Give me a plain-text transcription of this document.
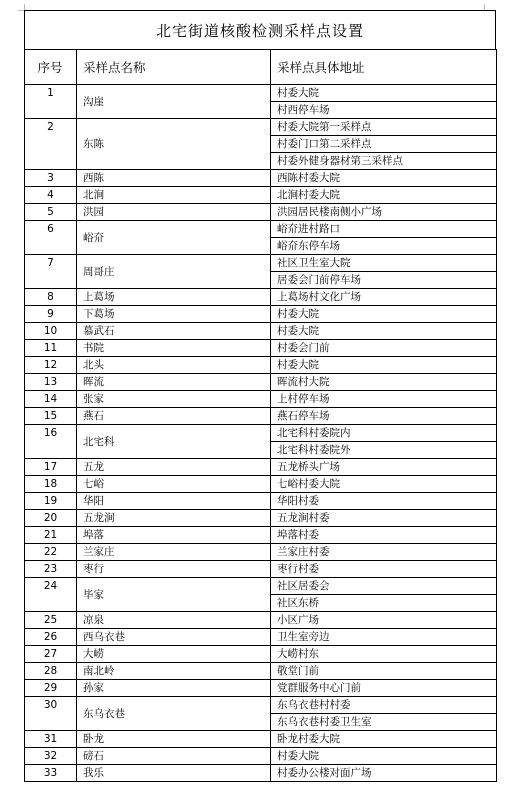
北宅街道核酸检测采样点设置
序号	采样点名称	采样点具体地址
1	沟崖	村委大院
		村西停车场
2	东陈	村委大院第一采样点
		村委门口第二采样点
		村委外健身器材第三采样点
3	西陈	西陈村委大院
4	北涧	北涧村委大院
5	洪园	洪园居民楼南侧小广场
6	峪夼	峪夼进村路口
		峪夼东停车场
7	周哥庄	社区卫生室大院
		居委会门前停车场
8	上葛场	上葛场村文化广场
9	下葛场	村委大院
10	慕武石	村委大院
11	书院	村委会门前
12	北头	村委大院
13	晖流	晖流村大院
14	张家	上村停车场
15	燕石	燕石停车场
16	北宅科	北宅科村委院内
		北宅科村委院外
17	五龙	五龙桥头广场
18	七峪	七峪村委大院
19	华阳	华阳村委
20	五龙涧	五龙涧村委
21	埠落	埠落村委
22	兰家庄	兰家庄村委
23	枣行	枣行村委
24	毕家	社区居委会
		社区东桥
25	凉泉	小区广场
26	西乌衣巷	卫生室旁边
27	大崂	大崂村东
28	南北岭	敬堂门前
29	孙家	党群服务中心门前
30	东乌衣巷	东乌衣巷村村委
		东乌衣巷村委卫生室
31	卧龙	卧龙村委大院
32	磅石	村委大院
33	我乐	村委办公楼对面广场
